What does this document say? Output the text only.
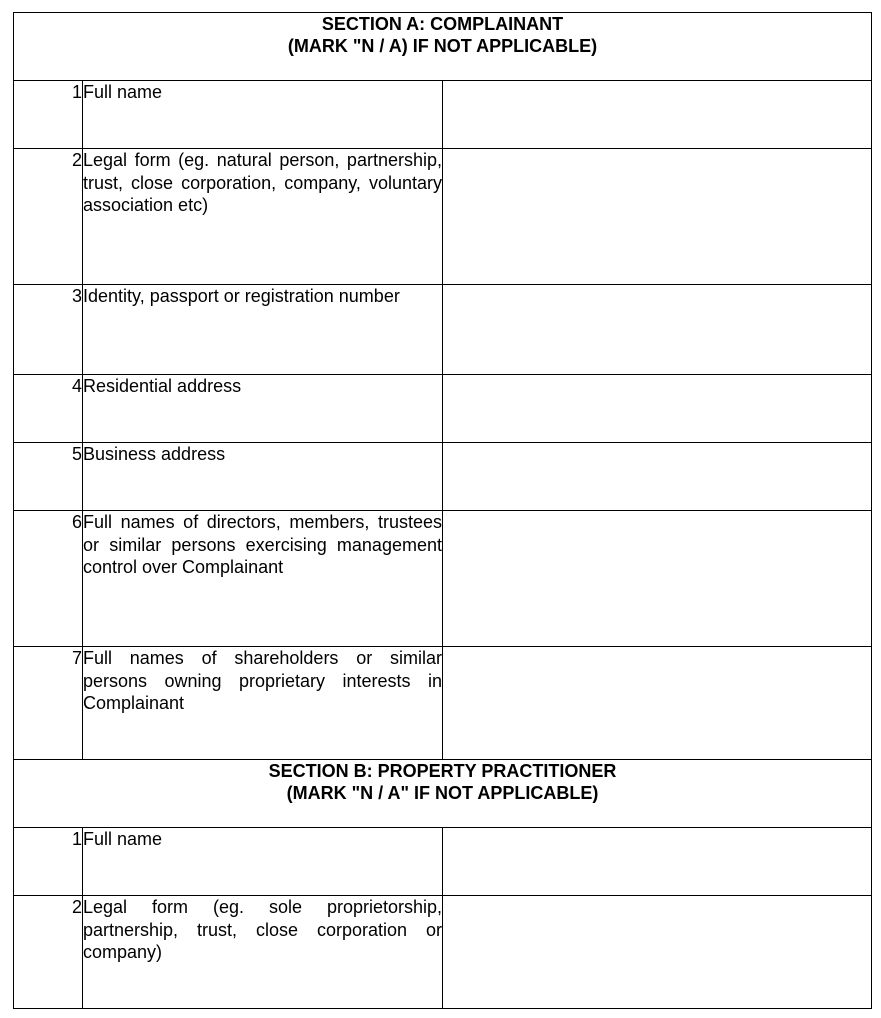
SECTION A: COMPLAINANT
(MARK "N / A) IF NOT APPLICABLE)		

1	Full name	
2	Legal form (eg. natural person, partnership, trust, close corporation, company, voluntary association etc)	
3	Identity, passport or registration number	
4	Residential address	
5	Business address	
6	Full names of directors, members, trustees or similar persons exercising management control over Complainant	
7	Full names of shareholders or similar persons owning proprietary interests in Complainant	

SECTION B: PROPERTY PRACTITIONER
(MARK "N / A" IF NOT APPLICABLE)		

1	Full name	
2	Legal form (eg. sole proprietorship, partnership, trust, close corporation or company)	
